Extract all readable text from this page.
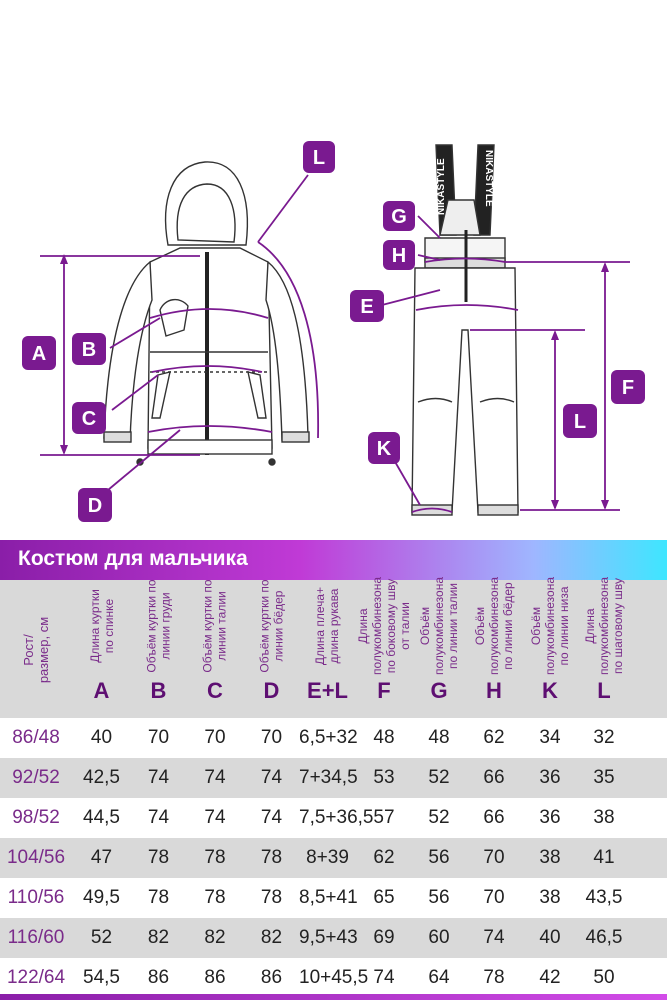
NIKASTYLE	NIKASTYLE
L
G
H
E
A B
C
F
L
K
D
Костюм для мальчика
Рост/
размер, см
Длина куртки
по спинке
A
Объём куртки по
линии груди
B
Объём куртки по
линии талии
C
Объём куртки по
линии бёдер
D
Длина плеча+
длина рукава
E+L
Длина
полукомбинезона
по боковому шву
от талии
F
Объём
полукомбинезона
по линии талии
G
Объём
полукомбинезона
по линии бёдер
H
Объём
полукомбинезона
по линии низа
K
Длина
полукомбинезона
по шаговому шву
L
86/48	40	70	70	70 6,5+32 48	48	62	34	32
92/52	42,5	74	74	74 7+34,5 53	52	66	36	35
98/52	44,5	74	74	74 7,5+36,5 57	52	66	36	38
104/56	47	78	78	78	8+39	62	56	70	38	41
110/56 49,5	78	78	78 8,5+41 65	56	70	38	43,5
116/60	52	82	82	82 9,5+43 69	60	74	40	46,5
122/64 54,5	86	86	86 10+45,5 74	64	78	42	50
